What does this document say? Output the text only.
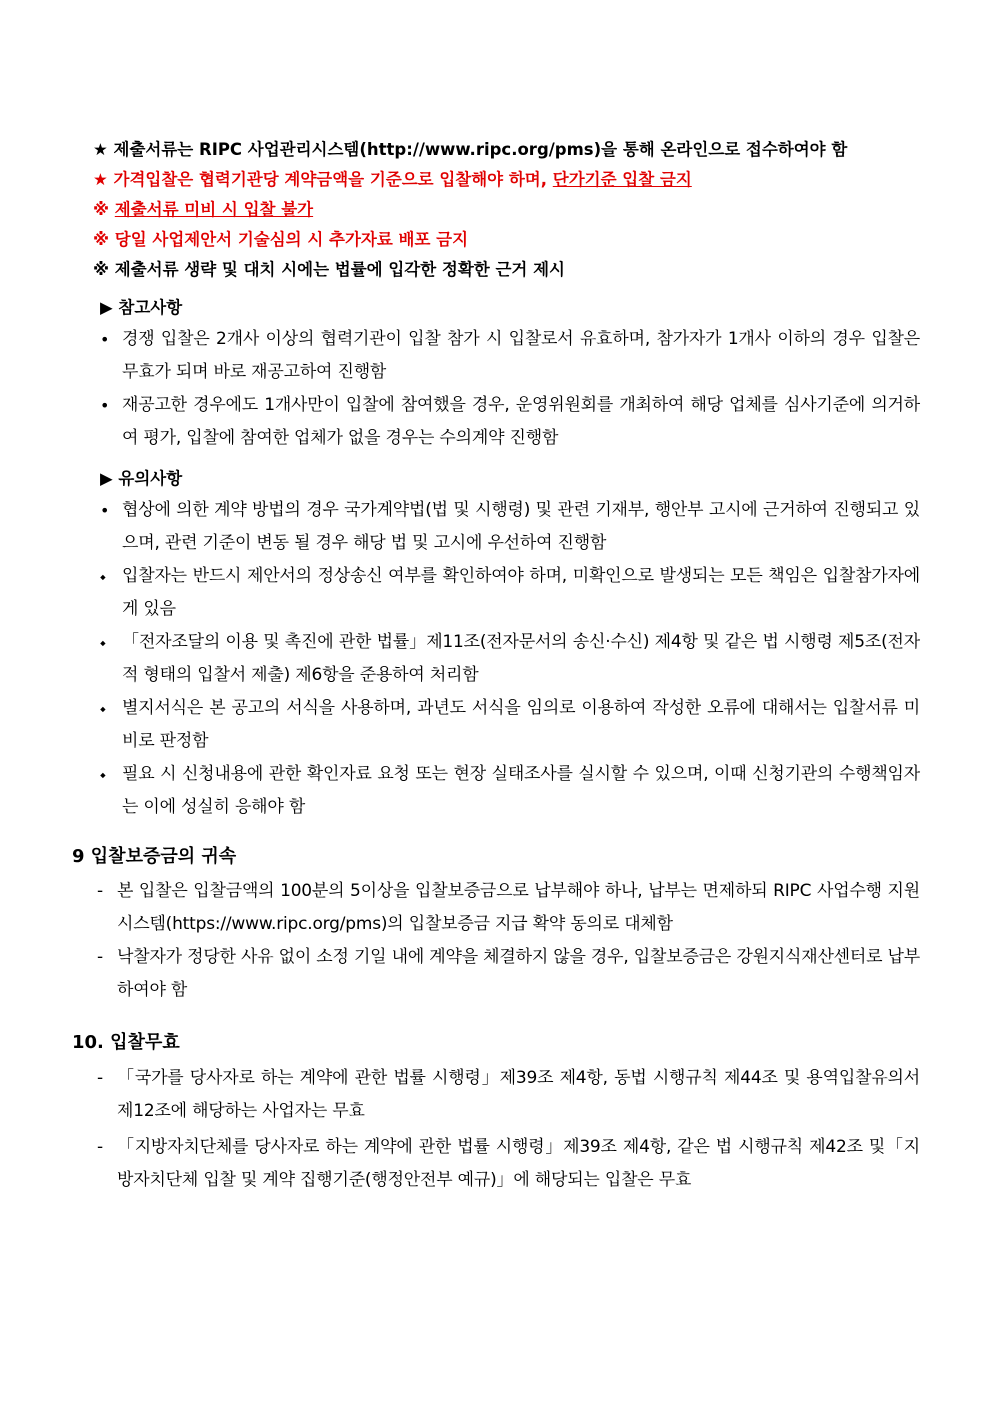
★ 제출서류는 RIPC 사업관리시스템(http://www.ripc.org/pms)을 통해 온라인으로 접수하여야 함
★ 가격입찰은 협력기관당 계약금액을 기준으로 입찰해야 하며, 단가기준 입찰 금지
※ 제출서류 미비 시 입찰 불가
※ 당일 사업제안서 기술심의 시 추가자료 배포 금지
※ 제출서류 생략 및 대치 시에는 법률에 입각한 정확한 근거 제시
▶ 참고사항
• 경쟁 입찰은 2개사 이상의 협력기관이 입찰 참가 시 입찰로서 유효하며, 참가자가 1개사 이하의 경우 입찰은 무효가 되며 바로 재공고하여 진행함
• 재공고한 경우에도 1개사만이 입찰에 참여했을 경우, 운영위원회를 개최하여 해당 업체를 심사기준에 의거하여 평가, 입찰에 참여한 업체가 없을 경우는 수의계약 진행함
▶ 유의사항
• 협상에 의한 계약 방법의 경우 국가계약법(법 및 시행령) 및 관련 기재부, 행안부 고시에 근거하여 진행되고 있으며, 관련 기준이 변동 될 경우 해당 법 및 고시에 우선하여 진행함
⬩ 입찰자는 반드시 제안서의 정상송신 여부를 확인하여야 하며, 미확인으로 발생되는 모든 책임은 입찰참가자에게 있음
⬩ 「전자조달의 이용 및 촉진에 관한 법률」제11조(전자문서의 송신·수신) 제4항 및 같은 법 시행령 제5조(전자적 형태의 입찰서 제출) 제6항을 준용하여 처리함
⬩ 별지서식은 본 공고의 서식을 사용하며, 과년도 서식을 임의로 이용하여 작성한 오류에 대해서는 입찰서류 미비로 판정함
⬩ 필요 시 신청내용에 관한 확인자료 요청 또는 현장 실태조사를 실시할 수 있으며, 이때 신청기관의 수행책임자는 이에 성실히 응해야 함
9 입찰보증금의 귀속
- 본 입찰은 입찰금액의 100분의 5이상을 입찰보증금으로 납부해야 하나, 납부는 면제하되 RIPC 사업수행 지원시스템(https://www.ripc.org/pms)의 입찰보증금 지급 확약 동의로 대체함
- 낙찰자가 정당한 사유 없이 소정 기일 내에 계약을 체결하지 않을 경우, 입찰보증금은 강원지식재산센터로 납부하여야 함
10. 입찰무효
- 「국가를 당사자로 하는 계약에 관한 법률 시행령」제39조 제4항, 동법 시행규칙 제44조 및 용역입찰유의서 제12조에 해당하는 사업자는 무효
- 「지방자치단체를 당사자로 하는 계약에 관한 법률 시행령」제39조 제4항, 같은 법 시행규칙 제42조 및「지방자치단체 입찰 및 계약 집행기준(행정안전부 예규)」에 해당되는 입찰은 무효
